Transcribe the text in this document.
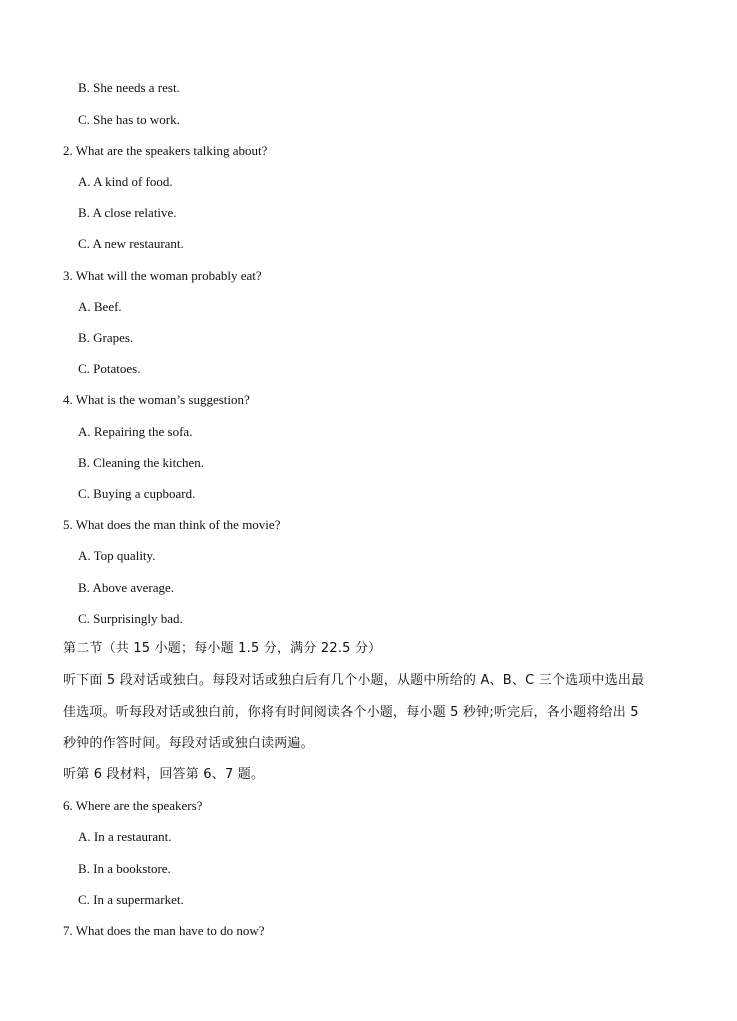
B. She needs a rest.
C. She has to work.
2. What are the speakers talking about?
A. A kind of food.
B. A close relative.
C. A new restaurant.
3. What will the woman probably eat?
A. Beef.
B. Grapes.
C. Potatoes.
4. What is the woman’s suggestion?
A. Repairing the sofa.
B. Cleaning the kitchen.
C. Buying a cupboard.
5. What does the man think of the movie?
A. Top quality.
B. Above average.
C. Surprisingly bad.
第二节（共 15 小题；每小题 1.5 分，满分 22.5 分）
听下面 5 段对话或独白。每段对话或独白后有几个小题，从题中所给的 A、B、C 三个选项中选出最
佳选项。听每段对话或独白前，你将有时间阅读各个小题，每小题 5 秒钟;听完后，各小题将给出 5
秒钟的作答时间。每段对话或独白读两遍。
听第 6 段材料，回答第 6、7 题。
6. Where are the speakers?
A. In a restaurant.
B. In a bookstore.
C. In a supermarket.
7. What does the man have to do now?
